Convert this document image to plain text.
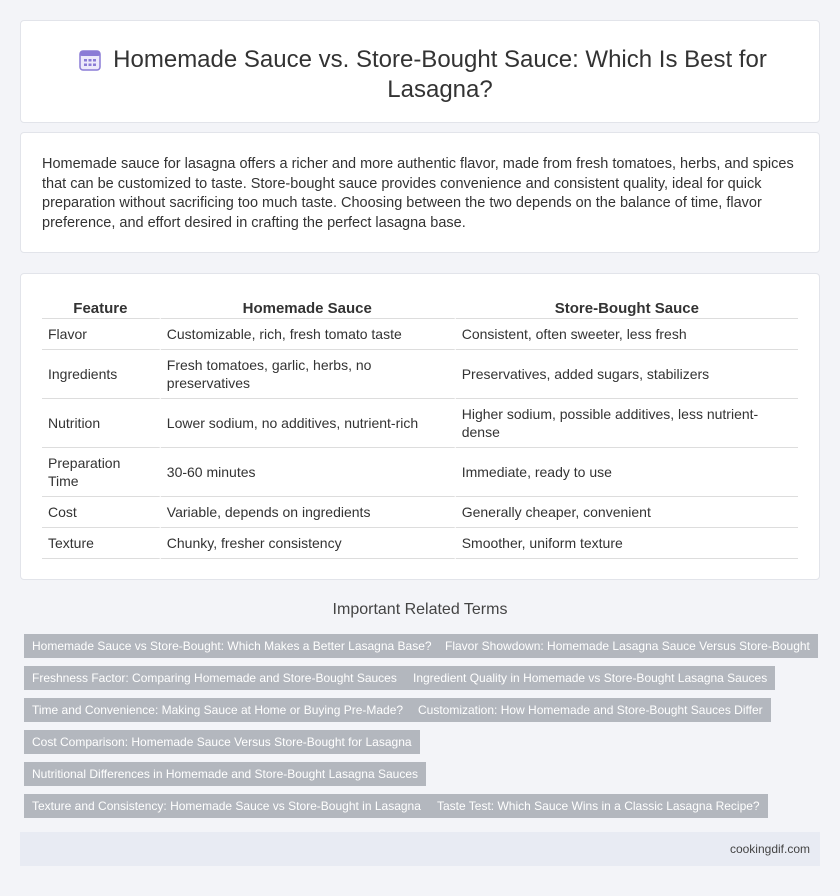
Homemade Sauce vs. Store-Bought Sauce: Which Is Best for Lasagna?

Homemade sauce for lasagna offers a richer and more authentic flavor, made from fresh tomatoes, herbs, and spices that can be customized to taste. Store-bought sauce provides convenience and consistent quality, ideal for quick preparation without sacrificing too much taste. Choosing between the two depends on the balance of time, flavor preference, and effort desired in crafting the perfect lasagna base.

Feature	Homemade Sauce	Store-Bought Sauce
Flavor	Customizable, rich, fresh tomato taste	Consistent, often sweeter, less fresh
Ingredients	Fresh tomatoes, garlic, herbs, no preservatives	Preservatives, added sugars, stabilizers
Nutrition	Lower sodium, no additives, nutrient-rich	Higher sodium, possible additives, less nutrient-dense
Preparation Time	30-60 minutes	Immediate, ready to use
Cost	Variable, depends on ingredients	Generally cheaper, convenient
Texture	Chunky, fresher consistency	Smoother, uniform texture
Important Related Terms
Homemade Sauce vs Store-Bought: Which Makes a Better Lasagna Base?	Flavor Showdown: Homemade Lasagna Sauce Versus Store-Bought
Freshness Factor: Comparing Homemade and Store-Bought Sauces	Ingredient Quality in Homemade vs Store-Bought Lasagna Sauces
Time and Convenience: Making Sauce at Home or Buying Pre-Made?	Customization: How Homemade and Store-Bought Sauces Differ
Cost Comparison: Homemade Sauce Versus Store-Bought for Lasagna
Nutritional Differences in Homemade and Store-Bought Lasagna Sauces
Texture and Consistency: Homemade Sauce vs Store-Bought in Lasagna	Taste Test: Which Sauce Wins in a Classic Lasagna Recipe?
cookingdif.com
